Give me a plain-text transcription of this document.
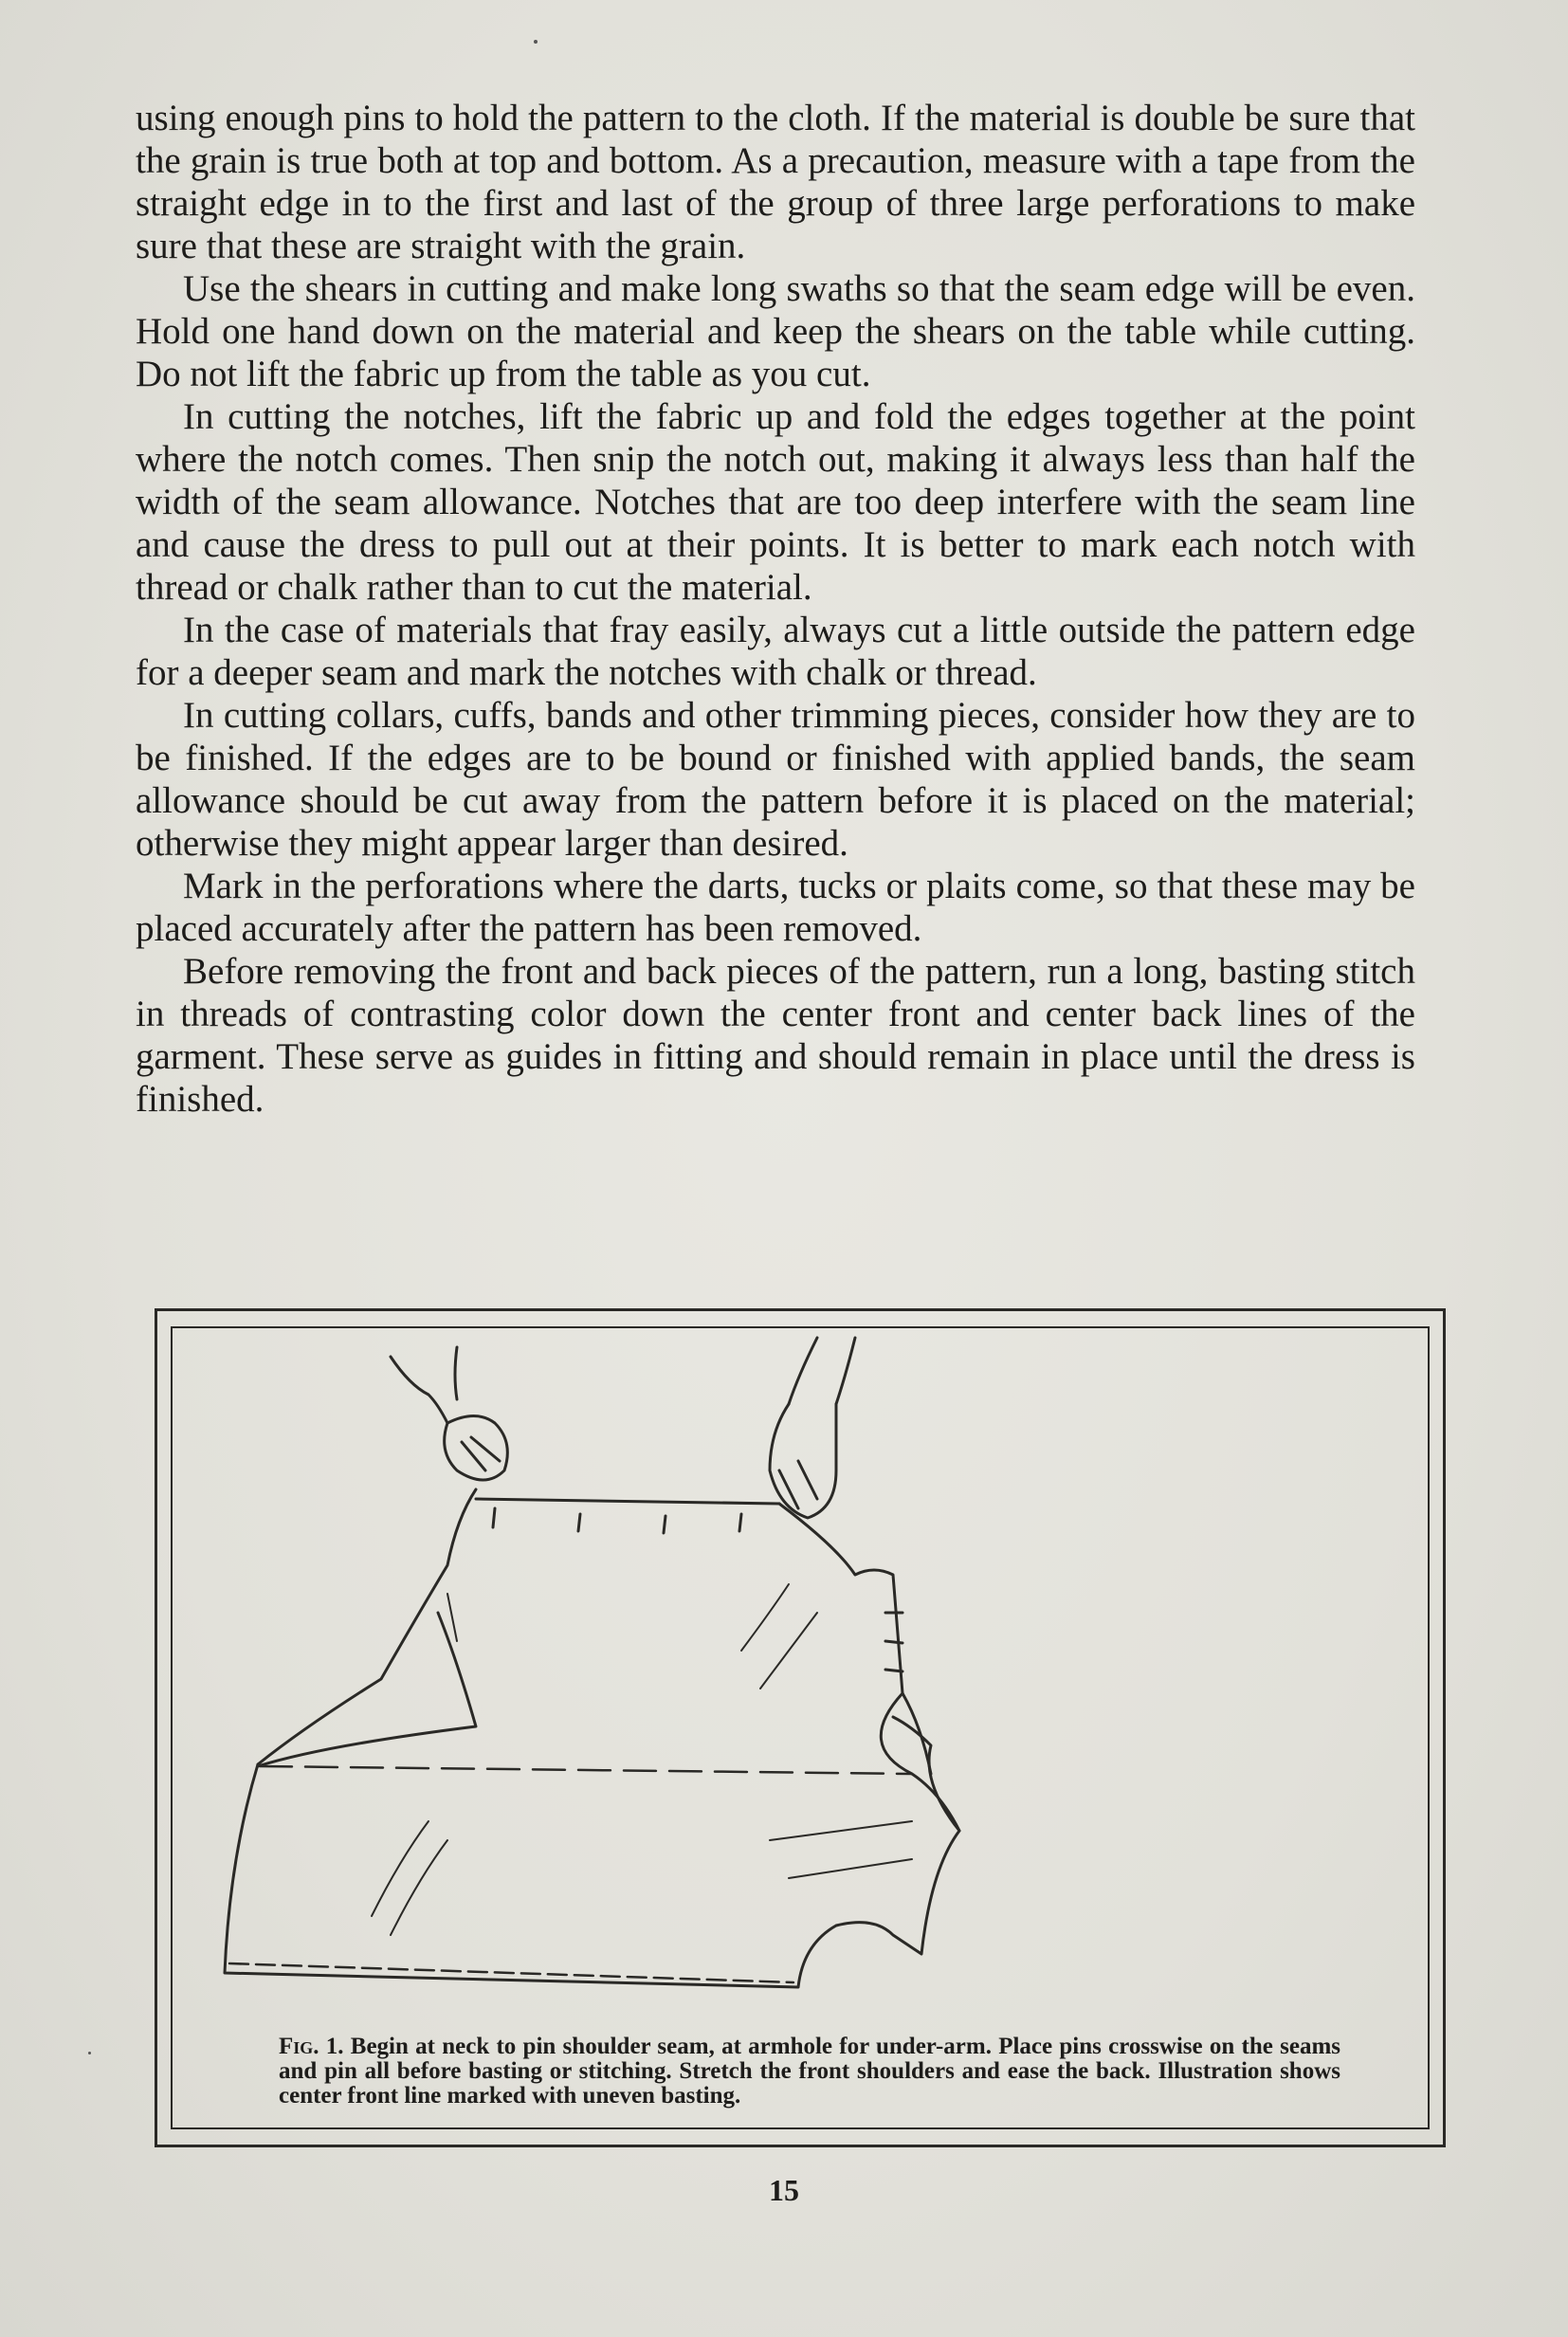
using enough pins to hold the pattern to the cloth. If the material is double be sure that the grain is true both at top and bottom. As a precaution, measure with a tape from the straight edge in to the first and last of the group of three large perforations to make sure that these are straight with the grain.

Use the shears in cutting and make long swaths so that the seam edge will be even. Hold one hand down on the material and keep the shears on the table while cutting. Do not lift the fabric up from the table as you cut.

In cutting the notches, lift the fabric up and fold the edges together at the point where the notch comes. Then snip the notch out, making it always less than half the width of the seam allowance. Notches that are too deep interfere with the seam line and cause the dress to pull out at their points. It is better to mark each notch with thread or chalk rather than to cut the material.

In the case of materials that fray easily, always cut a little outside the pattern edge for a deeper seam and mark the notches with chalk or thread.

In cutting collars, cuffs, bands and other trimming pieces, consider how they are to be finished. If the edges are to be bound or finished with applied bands, the seam allowance should be cut away from the pattern before it is placed on the material; otherwise they might appear larger than desired.

Mark in the perforations where the darts, tucks or plaits come, so that these may be placed accurately after the pattern has been removed.

Before removing the front and back pieces of the pattern, run a long, basting stitch in threads of contrasting color down the center front and center back lines of the garment. These serve as guides in fitting and should remain in place until the dress is finished.

Fig. 1. Begin at neck to pin shoulder seam, at armhole for under-arm. Place pins crosswise on the seams and pin all before basting or stitching. Stretch the front shoulders and ease the back. Illustration shows center front line marked with uneven basting.
15
